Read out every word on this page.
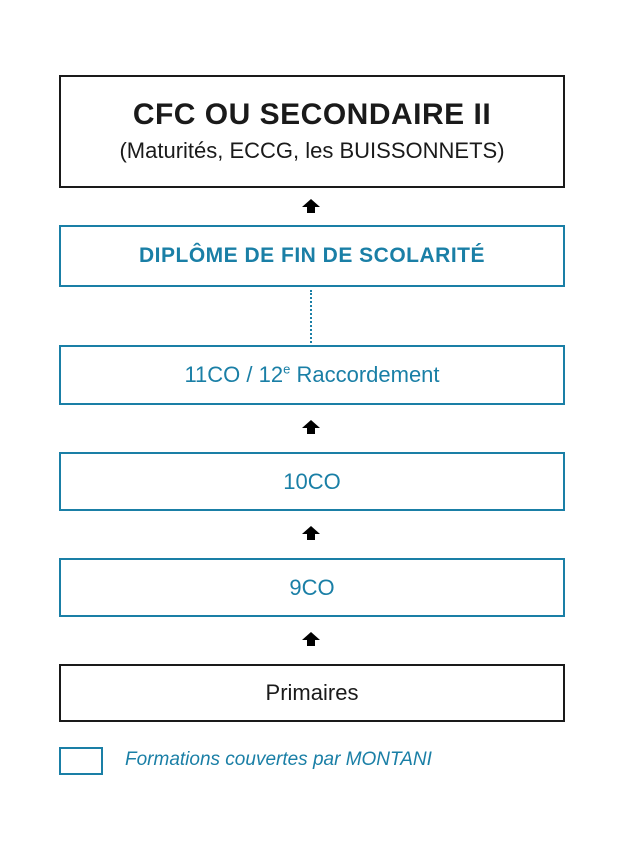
CFC OU SECONDAIRE II
(Maturités, ECCG, les BUISSONNETS)
DIPLÔME DE FIN DE SCOLARITÉ
11CO / 12e Raccordement
10CO
9CO
Primaires
Formations couvertes par MONTANI
